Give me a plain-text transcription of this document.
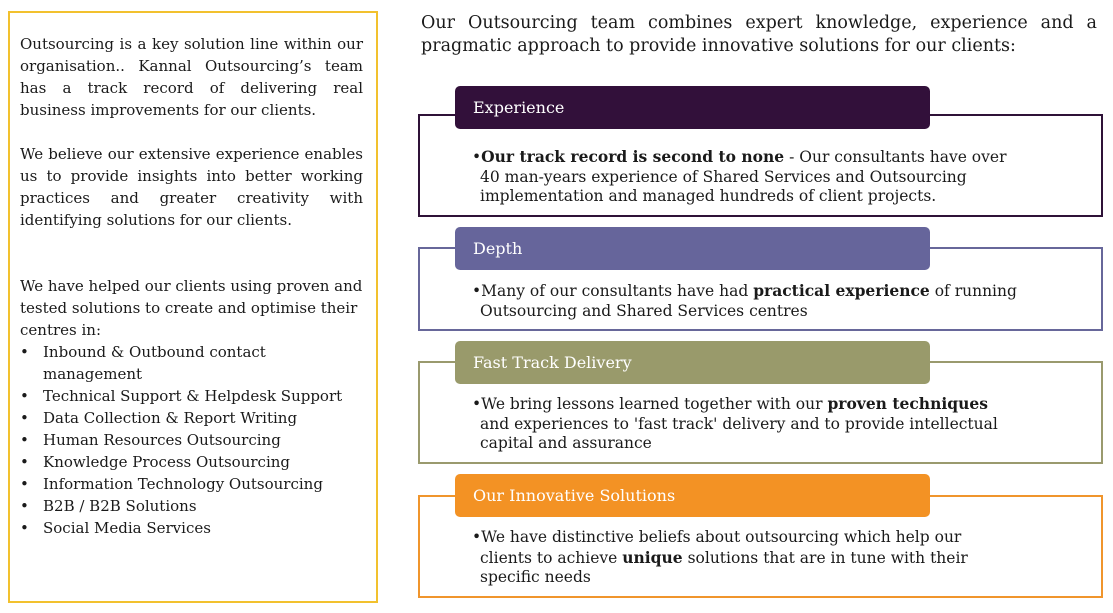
Outsourcing is a key solution line within our organisation.. Kannal Outsourcing’s team has a track record of delivering real business improvements for our clients.

We believe our extensive experience enables us to provide insights into better working practices and greater creativity with identifying solutions for our clients.

We have helped our clients using proven and tested solutions to create and optimise their centres in:

• Inbound & Outbound contact management
• Technical Support & Helpdesk Support
• Data Collection & Report Writing
• Human Resources Outsourcing
• Knowledge Process Outsourcing
• Information Technology Outsourcing
• B2B / B2B Solutions
• Social Media Services

Our Outsourcing team combines expert knowledge, experience and a pragmatic approach to provide innovative solutions for our clients:

Experience
•Our track record is second to none - Our consultants have over
40 man-years experience of Shared Services and Outsourcing
implementation and managed hundreds of client projects.
Depth
•Many of our consultants have had practical experience of running
Outsourcing and Shared Services centres
Fast Track Delivery
•We bring lessons learned together with our proven techniques
and experiences to 'fast track' delivery and to provide intellectual
capital and assurance
Our Innovative Solutions
•We have distinctive beliefs about outsourcing which help our
clients to achieve unique solutions that are in tune with their
specific needs
